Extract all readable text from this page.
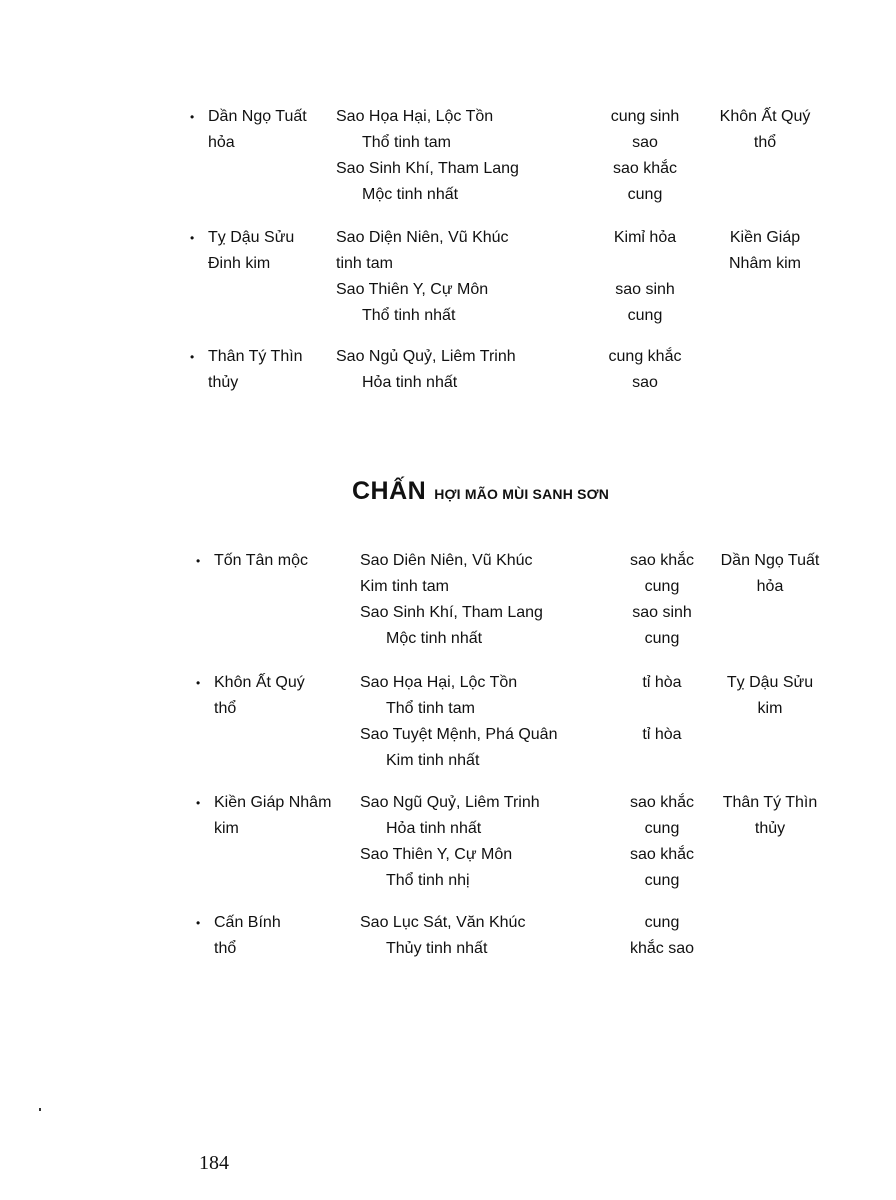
• Dần Ngọ Tuất
hỏa
Sao Họa Hại, Lộc Tồn
Thổ tinh tam
Sao Sinh Khí, Tham Lang
Mộc tinh nhất
cung sinh
sao
sao khắc
cung
Khôn Ất Quý
thổ
• Tỵ Dậu Sửu
Đinh kim
Sao Diện Niên, Vũ Khúc
tinh tam
Sao Thiên Y, Cự Môn
Thổ tinh nhất
Kimỉ hỏa

sao sinh
cung
Kiền Giáp
Nhâm kim
• Thân Tý Thìn
thủy
Sao Ngủ Quỷ, Liêm Trinh
Hỏa tinh nhất
cung khắc
sao
CHẤN HỢI MÃO MÙI SANH SƠN
• Tốn Tân mộc	Sao Diên Niên, Vũ Khúc
Kim tinh tam
Sao Sinh Khí, Tham Lang
Mộc tinh nhất
sao khắc
cung
sao sinh
cung
Dần Ngọ Tuất
hỏa
• Khôn Ất Quý
thổ
Sao Họa Hại, Lộc Tồn
Thổ tinh tam
Sao Tuyệt Mệnh, Phá Quân
Kim tinh nhất
tỉ hòa

tỉ hòa

Tỵ Dậu Sửu
kim
• Kiền Giáp Nhâm
kim
Sao Ngũ Quỷ, Liêm Trinh
Hỏa tinh nhất
Sao Thiên Y, Cự Môn
Thổ tinh nhị
sao khắc
cung
sao khắc
cung
Thân Tý Thìn
thủy
• Cấn Bính
thổ
Sao Lục Sát, Văn Khúc
Thủy tinh nhất
cung
khắc sao
184
